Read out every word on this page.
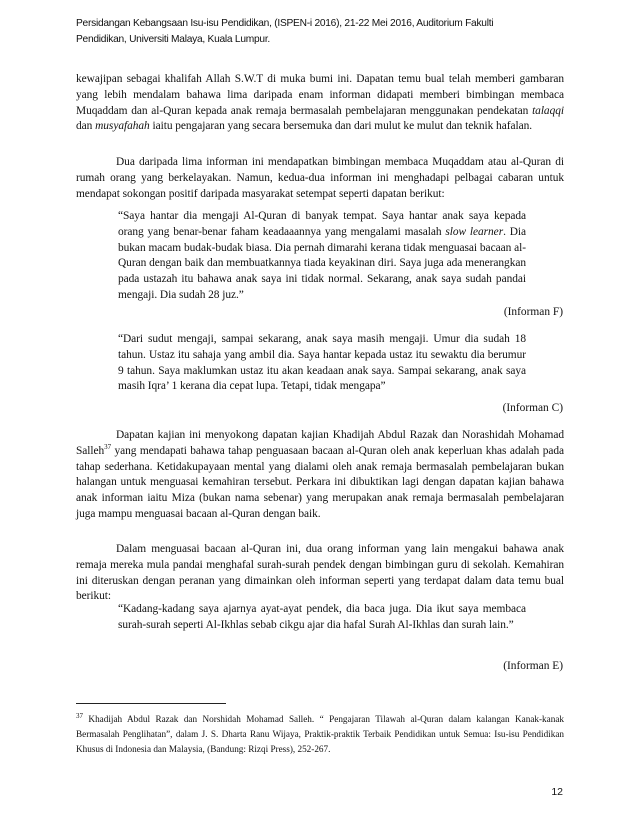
Persidangan Kebangsaan Isu-isu Pendidikan, (ISPEN-i 2016), 21-22 Mei 2016, Auditorium Fakulti
Pendidikan, Universiti Malaya, Kuala Lumpur.
kewajipan sebagai khalifah Allah S.W.T di muka bumi ini. Dapatan temu bual telah memberi gambaran yang lebih mendalam bahawa lima daripada enam informan didapati memberi bimbingan membaca Muqaddam dan al-Quran kepada anak remaja bermasalah pembelajaran menggunakan pendekatan talaqqi dan musyafahah iaitu pengajaran yang secara bersemuka dan dari mulut ke mulut dan teknik hafalan.
Dua daripada lima informan ini mendapatkan bimbingan membaca Muqaddam atau al-Quran di rumah orang yang berkelayakan. Namun, kedua-dua informan ini menghadapi pelbagai cabaran untuk mendapat sokongan positif daripada masyarakat setempat seperti dapatan berikut:
“Saya hantar dia mengaji Al-Quran di banyak tempat. Saya hantar anak saya kepada orang yang benar-benar faham keadaaannya yang mengalami masalah slow learner. Dia bukan macam budak-budak biasa. Dia pernah dimarahi kerana tidak menguasai bacaan al-Quran dengan baik dan membuatkannya tiada keyakinan diri. Saya juga ada menerangkan pada ustazah itu bahawa anak saya ini tidak normal. Sekarang, anak saya sudah pandai mengaji. Dia sudah 28 juz.”
(Informan F)
“Dari sudut mengaji, sampai sekarang, anak saya masih mengaji. Umur dia sudah 18 tahun. Ustaz itu sahaja yang ambil dia. Saya hantar kepada ustaz itu sewaktu dia berumur 9 tahun. Saya maklumkan ustaz itu akan keadaan anak saya. Sampai sekarang, anak saya masih Iqra’ 1 kerana dia cepat lupa. Tetapi, tidak mengapa”
(Informan C)
Dapatan kajian ini menyokong dapatan kajian Khadijah Abdul Razak dan Norashidah Mohamad Salleh$^{37}$ yang mendapati bahawa tahap penguasaan bacaan al-Quran oleh anak keperluan khas adalah pada tahap sederhana. Ketidakupayaan mental yang dialami oleh anak remaja bermasalah pembelajaran bukan halangan untuk menguasai kemahiran tersebut. Perkara ini dibuktikan lagi dengan dapatan kajian bahawa anak informan iaitu Miza (bukan nama sebenar) yang merupakan anak remaja bermasalah pembelajaran juga mampu menguasai bacaan al-Quran dengan baik.
Dalam menguasai bacaan al-Quran ini, dua orang informan yang lain mengakui bahawa anak remaja mereka mula pandai menghafal surah-surah pendek dengan bimbingan guru di sekolah. Kemahiran ini diteruskan dengan peranan yang dimainkan oleh informan seperti yang terdapat dalam data temu bual berikut:
“Kadang-kadang saya ajarnya ayat-ayat pendek, dia baca juga. Dia ikut saya membaca surah-surah seperti Al-Ikhlas sebab cikgu ajar dia hafal Surah Al-Ikhlas dan surah lain.”
(Informan E)
$^{37}$ Khadijah Abdul Razak dan Norshidah Mohamad Salleh. “ Pengajaran Tilawah al-Quran dalam kalangan Kanak-kanak Bermasalah Penglihatan”, dalam J. S. Dharta Ranu Wijaya, Praktik-praktik Terbaik Pendidikan untuk Semua: Isu-isu Pendidikan Khusus di Indonesia dan Malaysia, (Bandung: Rizqi Press), 252-267.
12
